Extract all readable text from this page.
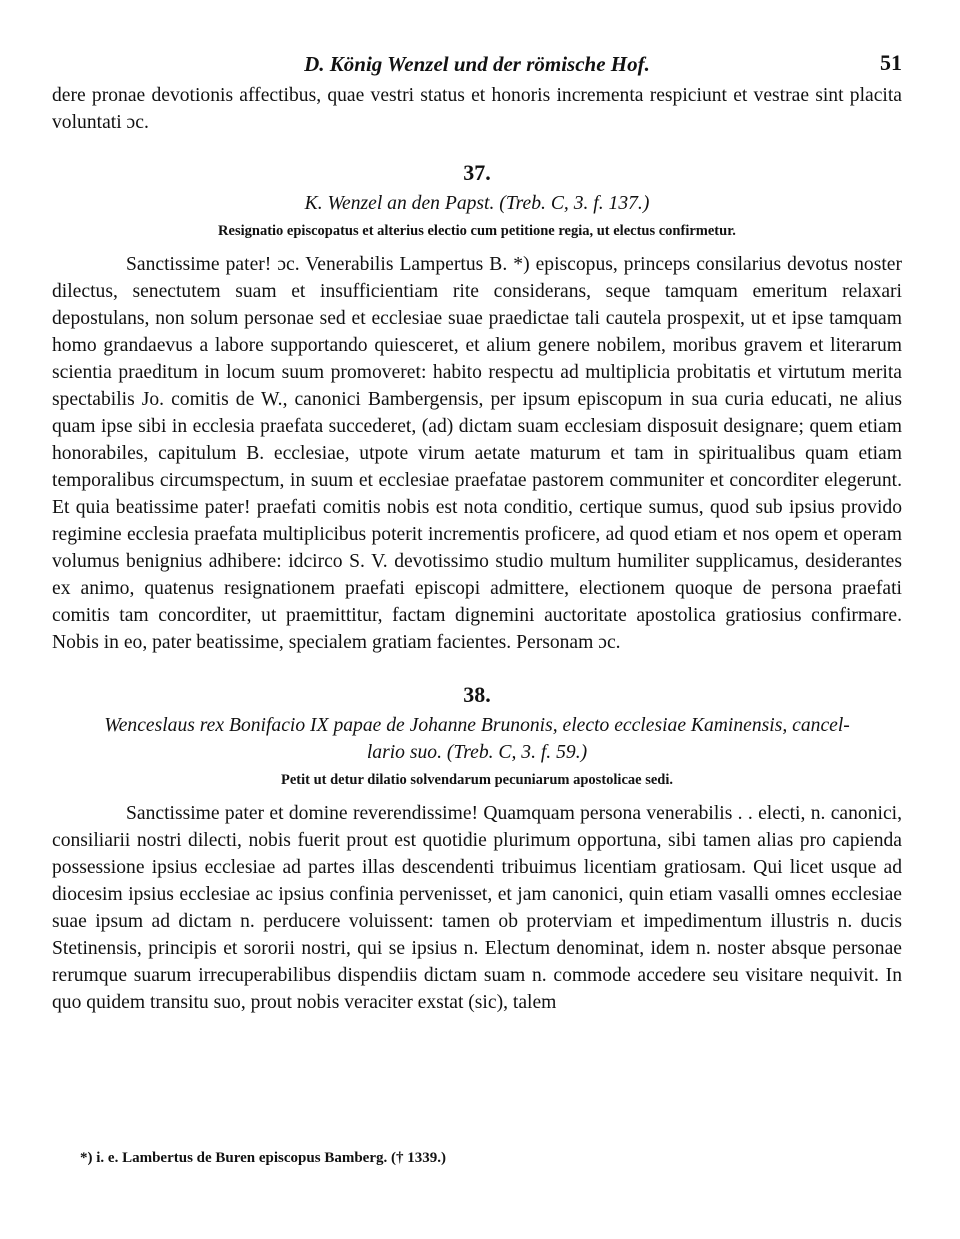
D. König Wenzel und der römische Hof.	51

dere pronae devotionis affectibus, quae vestri status et honoris incrementa respiciunt et vestrae sint placita voluntati ɔc.

37.

K. Wenzel an den Papst. (Treb. C, 3. f. 137.)

Resignatio episcopatus et alterius electio cum petitione regia, ut electus confirmetur.

Sanctissime pater! ɔc. Venerabilis Lampertus B. *) episcopus, princeps consilarius devotus noster dilectus, senectutem suam et insufficientiam rite considerans, seque tamquam emeritum relaxari depostulans, non solum personae sed et ecclesiae suae praedictae tali cautela prospexit, ut et ipse tamquam homo grandaevus a labore supportando quiesceret, et alium genere nobilem, moribus gravem et literarum scientia praeditum in locum suum promoveret: habito respectu ad multiplicia probitatis et virtutum merita spectabilis Jo. comitis de W., canonici Bambergensis, per ipsum episcopum in sua curia educati, ne alius quam ipse sibi in ecclesia praefata succederet, (ad) dictam suam ecclesiam disposuit designare; quem etiam honorabiles, capitulum B. ecclesiae, utpote virum aetate maturum et tam in spiritualibus quam etiam temporalibus circumspectum, in suum et ecclesiae praefatae pastorem communiter et concorditer elegerunt. Et quia beatissime pater! praefati comitis nobis est nota conditio, certique sumus, quod sub ipsius provido regimine ecclesia praefata multiplicibus poterit incrementis proficere, ad quod etiam et nos opem et operam volumus benignius adhibere: idcirco S. V. devotissimo studio multum humiliter supplicamus, desiderantes ex animo, quatenus resignationem praefati episcopi admittere, electionem quoque de persona praefati comitis tam concorditer, ut praemittitur, factam dignemini auctoritate apostolica gratiosius confirmare. Nobis in eo, pater beatissime, specialem gratiam facientes. Personam ɔc.

38.

Wenceslaus rex Bonifacio IX papae de Johanne Brunonis, electo ecclesiae Kaminensis, cancel-
lario suo. (Treb. C, 3. f. 59.)

Petit ut detur dilatio solvendarum pecuniarum apostolicae sedi.

Sanctissime pater et domine reverendissime! Quamquam persona venerabilis . . electi, n. canonici, consiliarii nostri dilecti, nobis fuerit prout est quotidie plurimum opportuna, sibi tamen alias pro capienda possessione ipsius ecclesiae ad partes illas descendenti tribuimus licentiam gratiosam. Qui licet usque ad diocesim ipsius ecclesiae ac ipsius confinia pervenisset, et jam canonici, quin etiam vasalli omnes ecclesiae suae ipsum ad dictam n. perducere voluissent: tamen ob proterviam et impedimentum illustris n. ducis Stetinensis, principis et sororii nostri, qui se ipsius n. Electum denominat, idem n. noster absque personae rerumque suarum irrecuperabilibus dispendiis dictam suam n. commode accedere seu visitare nequivit. In quo quidem transitu suo, prout nobis veraciter exstat (sic), talem

*) i. e. Lambertus de Buren episcopus Bamberg. († 1339.)
